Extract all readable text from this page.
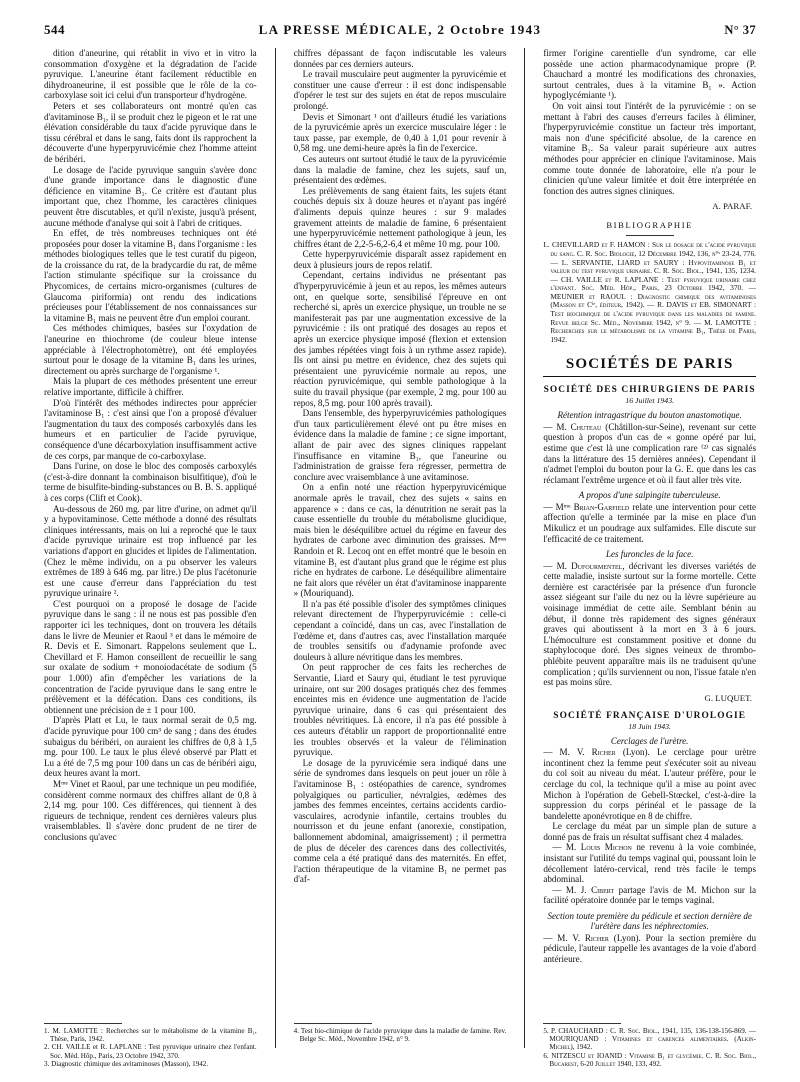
544	LA PRESSE MÉDICALE, 2 Octobre 1943	N° 37

dition d'aneurine, qui rétablit in vivo et in vitro la consommation d'oxygène et la dégradation de l'acide pyruvique. L'aneurine étant facilement réductible en dihydroaneurine, il est possible que le rôle de la co-carboxylase soit ici celui d'un transporteur d'hydrogène.

Peters et ses collaborateurs ont montré qu'en cas d'avitaminose B₁, il se produit chez le pigeon et le rat une élévation considérable du taux d'acide pyruvique dans le tissu cérébral et dans le sang, faits dont ils rapprochent la découverte d'une hyperpyruvicémie chez l'homme atteint de béribéri.

Le dosage de l'acide pyruvique sanguin s'avère donc d'une grande importance dans le diagnostic d'une déficience en vitamine B₁. Ce critère est d'autant plus important que, chez l'homme, les caractères cliniques peuvent être discutables, et qu'il n'existe, jusqu'à présent, aucune méthode d'analyse qui soit à l'abri de critiques.

En effet, de très nombreuses techniques ont été proposées pour doser la vitamine B₁ dans l'organisme : les méthodes biologiques telles que le test curatif du pigeon, de la croissance du rat, de la bradycardie du rat, de même l'action stimulante spécifique sur la croissance du Phycomices, de certains micro-organismes (cultures de Glaucoma piriformia) ont rendu des indications précieuses pour l'établissement de nos connaissances sur la vitamine B₁ mais ne peuvent être d'un emploi courant.

Ces méthodes chimiques, basées sur l'oxydation de l'aneurine en thiochrome (de couleur bleue intense appréciable à l'électrophotomètre), ont été employées surtout pour le dosage de la vitamine B₁ dans les urines, directement ou après surcharge de l'organisme ¹.

Mais la plupart de ces méthodes présentent une erreur relative importante, difficile à chiffrer.

D'où l'intérêt des méthodes indirectes pour apprécier l'avitaminose B₁ : c'est ainsi que l'on a proposé d'évaluer l'augmentation du taux des composés carboxylés dans les humeurs et en particulier de l'acide pyruvique, conséquence d'une décarboxylation insuffisamment active de ces corps, par manque de co-carboxylase.

Dans l'urine, on dose le bloc des composés carboxylés (c'est-à-dire donnant la combinaison bisulfitique), d'où le terme de bisulfite-binding-substances ou B. B. S. appliqué à ces corps (Clift et Cook).

Au-dessous de 260 mg. par litre d'urine, on admet qu'il y a hypovitaminose. Cette méthode a donné des résultats cliniques intéressants, mais on lui a reproché que le taux d'acide pyruvique urinaire est trop influencé par les variations d'apport en glucides et lipides de l'alimentation. (Chez le même individu, on a pu observer les valeurs extrêmes de 189 à 646 mg. par litre.) De plus l'acétonurie est une cause d'erreur dans l'appréciation du test pyruvique urinaire ².

C'est pourquoi on a proposé le dosage de l'acide pyruvique dans le sang : il ne nous est pas possible d'en rapporter ici les techniques, dont on trouvera les détails dans le livre de Meunier et Raoul ³ et dans le mémoire de R. Devis et E. Simonart. Rappelons seulement que L. Chevillard et F. Hamon conseillent de recueillir le sang sur oxalate de sodium + monoiodacétate de sodium (5 pour 1.000) afin d'empêcher les variations de la concentration de l'acide pyruvique dans le sang entre le prélèvement et la défécation. Dans ces conditions, ils obtiennent une précision de ± 1 pour 100.

D'après Platt et Lu, le taux normal serait de 0,5 mg. d'acide pyruvique pour 100 cm³ de sang ; dans des études subaigus du béribéri, on auraient les chiffres de 0,8 à 1,5 mg. pour 100. Le taux le plus élevé observé par Platt et Lu a été de 7,5 mg pour 100 dans un cas de béribéri aigu, deux heures avant la mort.

Mᵐᵉ Vinet et Raoul, par une technique un peu modifiée, considèrent comme normaux des chiffres allant de 0,8 à 2,14 mg. pour 100. Ces différences, qui tiennent à des rigueurs de technique, rendent ces dernières valeurs plus vraisemblables. Il s'avère donc prudent de ne tirer de conclusions qu'avec

chiffres dépassant de façon indiscutable les valeurs données par ces derniers auteurs.

Le travail musculaire peut augmenter la pyruvicémie et constituer une cause d'erreur : il est donc indispensable d'opérer le test sur des sujets en état de repos musculaire prolongé.

Devis et Simonart ¹ ont d'ailleurs étudié les variations de la pyruvicémie après un exercice musculaire léger : le taux passe, par exemple, de 0,40 à 1,01 pour revenir à 0,58 mg. une demi-heure après la fin de l'exercice.

Ces auteurs ont surtout étudié le taux de la pyruvicémie dans la maladie de famine, chez les sujets, sauf un, présentaient des œdèmes.

Les prélèvements de sang étaient faits, les sujets étant couchés depuis six à douze heures et n'ayant pas ingéré d'aliments depuis quinze heures : sur 9 malades gravement atteints de maladie de famine, 6 présentaient une hyperpyruvicémie nettement pathologique à jeun, les chiffres étant de 2,2-5-6,2-6,4 et même 10 mg. pour 100.

Cette hyperpyruvicémie disparaît assez rapidement en deux à plusieurs jours de repos relatif.

Cependant, certains individus ne présentant pas d'hyperpyruvicémie à jeun et au repos, les mêmes auteurs ont, en quelque sorte, sensibilisé l'épreuve en ont recherché si, après un exercice physique, un trouble ne se manifesterait pas par une augmentation excessive de la pyruvicémie : ils ont pratiqué des dosages au repos et après un exercice physique imposé (flexion et extension des jambes répétées vingt fois à un rythme assez rapide). Ils ont ainsi pu mettre en évidence, chez des sujets qui présentaient une pyruvicémie normale au repos, une réaction pyruvicémique, qui semble pathologique à la suite du travail physique (par exemple, 2 mg. pour 100 au repos, 8,5 mg. pour 100 après travail).

Dans l'ensemble, des hyperpyruvicémies pathologiques d'un taux particulièrement élevé ont pu être mises en évidence dans la maladie de famine ; ce signe important, allant de pair avec des signes cliniques rappelant l'insuffisance en vitamine B₁, que l'aneurine ou l'administration de graisse fera régresser, permettra de conclure avec vraisemblance à une avitaminose.

On a enfin noté une réaction hyperpyruvicémique anormale après le travail, chez des sujets « sains en apparence » : dans ce cas, la dénutrition ne serait pas la cause essentielle du trouble du métabolisme glucidique, mais bien le déséquilibre actuel du régime en faveur des hydrates de carbone avec diminution des graisses. Mᵐᵉˢ Randoin et R. Lecoq ont en effet montré que le besoin en vitamine B₁ est d'autant plus grand que le régime est plus riche en hydrates de carbone. Le déséquilibre alimentaire ne fait alors que révéler un état d'avitaminose inapparente » (Mouriquand).

Il n'a pas été possible d'isoler des symptômes cliniques relevant directement de l'hyperpyruvicémie : celle-ci cependant a coïncidé, dans un cas, avec l'installation de l'œdème et, dans d'autres cas, avec l'installation marquée de troubles sensitifs ou d'adynamie profonde avec douleurs à allure névritique dans les membres.

On peut rapprocher de ces faits les recherches de Servantie, Liard et Saury qui, étudiant le test pyruvique urinaire, ont sur 200 dosages pratiqués chez des femmes enceintes mis en évidence une augmentation de l'acide pyruvique urinaire, dans 6 cas qui présentaient des troubles névritiques. Là encore, il n'a pas été possible à ces auteurs d'établir un rapport de proportionnalité entre les troubles observés et la valeur de l'élimination pyruvique.

Le dosage de la pyruvicémie sera indiqué dans une série de syndromes dans lesquels on peut jouer un rôle à l'avitaminose B₁ : ostéopathies de carence, syndromes polyalgiques ou particulier, névralgies, œdèmes des jambes des femmes enceintes, certains accidents cardio-vasculaires, acrodynie infantile, certains troubles du nourrisson et du jeune enfant (anorexie, constipation, ballonnement abdominal, amaigrissement) ; il permettra de plus de déceler des carences dans des collectivités, comme cela a été pratiqué dans des maternités. En effet, l'action thérapeutique de la vitamine B₁ ne permet pas d'af-

firmer l'origine carentielle d'un syndrome, car elle possède une action pharmacodynamique propre (P. Chauchard a montré les modifications des chronaxies, surtout centrales, dues à la vitamine B₁ ». Action hypoglycémiante ¹).

On voit ainsi tout l'intérêt de la pyruvicémie : on se mettant à l'abri des causes d'erreurs faciles à éliminer, l'hyperpyruvicémie constitue un facteur très important, mais non d'une spécificité absolue, de la carence en vitamine B₁. Sa valeur parait supérieure aux autres méthodes pour apprécier en clinique l'avitaminose. Mais comme toute donnée de laboratoire, elle n'a pour le clinicien qu'une valeur limitée et doit être interprétée en fonction des autres signes cliniques.

A. PARAF.
BIBLIOGRAPHIE
L. CHEVILLARD et F. HAMON : Sur le dosage de l'acide pyruvique du sang. C. R. Soc. Biologie, 12 Décembre 1942, 136, n°ˢ 23-24, 776. — L. SERVANTIE, LIARD et SAURY : Hypovitaminose B₁ et valeur du test pyruvique urinaire. C. R. Soc. Biol., 1941, 135, 1234. — CH. VAILLE et R. LAPLANE : Test pyruvique urinaire chez l'enfant. Soc. Méd. Hôp., Paris, 23 Octobre 1942, 370. — MEUNIER et RAOUL : Diagnostic chimique des avitaminoses (Masson et Cⁱᵉ, éditeur, 1942). — R. DAVIS et EB. SIMONART : Test biochimique de l'acide pyruvique dans les maladies de famine. Revue belge Sc. Méd., Novembre 1942, n° 9. — M. LAMOTTE : Recherches sur le métabolisme de la vitamine B₁, Thèse de Paris, 1942.
SOCIÉTÉS DE PARIS
SOCIÉTÉ DES CHIRURGIENS DE PARIS
16 Juillet 1943.
Rétention intragastrique du bouton anastomotique.

— M. Chuteau (Châtillon-sur-Seine), revenant sur cette question à propos d'un cas de « gonne opéré par lui, estime que c'est là une complication rare ⁽²⁾ cas signalés dans la littérature des 15 dernières années). Cependant il n'admet l'emploi du bouton pour la G. E. que dans les cas réclamant l'extrême urgence et où il faut aller très vite.

A propos d'une salpingite tuberculeuse.

— Mᵐᵉ Brian-Garfield relate une intervention pour cette affection qu'elle a terminée par la mise en place d'un Mikulicz et un poudrage aux sulfamides. Elle discute sur l'efficacité de ce traitement.

Les furoncles de la face.

— M. Dufourmentel, décrivant les diverses variétés de cette maladie, insiste surtout sur la forme mortelle. Cette dernière est caractérisée par la présence d'un furoncle assez siégeant sur l'aile du nez ou la lèvre supérieure au voisinage immédiat de cette aile. Semblant bénin au début, il donne très rapidement des signes généraux graves qui aboutissent à la mort en 3 à 6 jours. L'hémoculture est constamment positive et donne du staphylocoque doré. Des signes veineux de thrombo-phlébite peuvent apparaître mais ils ne traduisent qu'une complication ; qu'ils surviennent ou non, l'issue fatale n'en est pas moins sûre.

G. LUQUET.
SOCIÉTÉ FRANÇAISE D'UROLOGIE
18 Juin 1943.
Cerclages de l'urètre.

— M. V. Richer (Lyon). Le cerclage pour urètre incontinent chez la femme peut s'exécuter soit au niveau du col soit au niveau du méat. L'auteur préfère, pour le cerclage du col, la technique qu'il a mise au point avec Michon à l'opération de Gebell-Stœckel, c'est-à-dire la suppression du corps périnéal et le passage de la bandelette aponévrotique en 8 de chiffre.

Le cerclage du méat par un simple plan de suture a donné pas de frais un résultat suffisant chez 4 malades.

— M. Louis Michon ne revenu à la voie combinée, insistant sur l'utilité du temps vaginal qui, poussant loin le décollement latéro-cervical, rend très facile le temps abdominal.

— M. J. Cibert partage l'avis de M. Michon sur la facilité opératoire donnée par le temps vaginal.

Section toute première du pédicule et section dernière de l'urétère dans les néphrectomies.

— M. V. Richer (Lyon). Pour la section première du pédicule, l'auteur rappelle les avantages de la voie d'abord antérieure.

1. M. LAMOTTE : Recherches sur le métabolisme de la vitamine B₁, Thèse, Paris, 1942.
2. CH. VAILLE et R. LAPLANE : Test pyruvique urinaire chez l'enfant. Soc. Méd. Hôp., Paris, 23 Octobre 1942, 370.
3. Diagnostic chimique des avitaminoses (Masson), 1942.
4. Test bio-chimique de l'acide pyruvique dans la maladie de famine. Rev. Belge Sc. Méd., Novembre 1942, n° 9.
5. P. CHAUCHARD : C. R. Soc. Biol., 1941, 135, 136-138-156-869. — MOURIQUAND : Vitamines et carences alimentaires. (Alkin-Michel), 1942.
6. NITZESCU et IOANID : Vitamine B₁ et glycémie. C. R. Soc. Biol., Bucarest, 6-20 Juillet 1940, 133, 492.
